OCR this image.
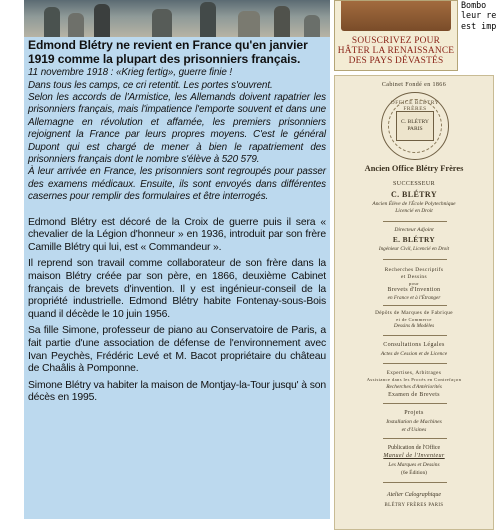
Edmond Blétry ne revient en France qu'en janvier 1919 comme la plupart des prisonniers français.

11 novembre 1918 : «Krieg fertig», guerre finie !

Dans tous les camps, ce cri retentit. Les portes s'ouvrent.

Selon les accords de l'Armistice, les Allemands doivent rapatrier les prisonniers français, mais l'impatience l'emporte souvent et dans une Allemagne en révolution et affamée, les premiers prisonniers rejoignent la France par leurs propres moyens. C'est le général Dupont qui est chargé de mener à bien le rapatriement des prisonniers français dont le nombre s'élève à 520 579.

À leur arrivée en France, les prisonniers sont regroupés pour passer des examens médicaux. Ensuite, ils sont envoyés dans différentes casernes pour remplir des formulaires et être interrogés.

Edmond Blétry est décoré de la Croix de guerre puis il sera « chevalier de la Légion d'honneur » en 1936, introduit par son frère Camille Blétry qui lui, est « Commandeur ».

Il reprend son travail comme collaborateur de son frère dans la maison Blétry créée par son père, en 1866, deuxième Cabinet français de brevets d'invention. Il y est ingénieur-conseil de la propriété industrielle. Edmond Blétry habite Fontenay-sous-Bois quand il décède le 10 juin 1956.

Sa fille Simone, professeur de piano au Conservatoire de Paris, a fait partie d'une association de défense de l'environnement avec Ivan Peychès, Frédéric Levé et M. Bacot propriétaire du château de Chaâlis à Pomponne.

Simone Blétry va habiter la maison de Montjay-la-Tour jusqu' à son décès en 1995.

SOUSCRIVEZ POUR
HÂTER LA RENAISSANCE
DES PAYS DÉVASTÉS
Bombo
leur re
est imp
Cabinet Fondé en 1866
OFFICE BLÉTRY FRÈRES
C. BLÉTRY
PARIS
Ancien Office Blétry Frères
SUCCESSEUR
C. BLÉTRY
Ancien Élève de l'École Polytechnique
Licencié en Droit
Directeur Adjoint
E. BLÉTRY
Ingénieur Civil, Licencié en Droit
Recherches Descriptifs
et Dessins
pour
Brevets d'Invention
en France et à l'Étranger
Dépôts de Marques de Fabrique
et de Commerce
Dessins & Modèles
Consultations Légales
Actes de Cession et de Licence
Expertises, Arbitrages
Assistance dans les Procès en Contrefaçon
Recherches d'Antériorités
Examen de Brevets
Projets
Installation de Machines
et d'Usines
Publication de l'Office
Manuel de l'Inventeur
Les Marques et Dessins
(6e Édition)
Atelier Calographique
BLÉTRY FRÈRES PARIS
